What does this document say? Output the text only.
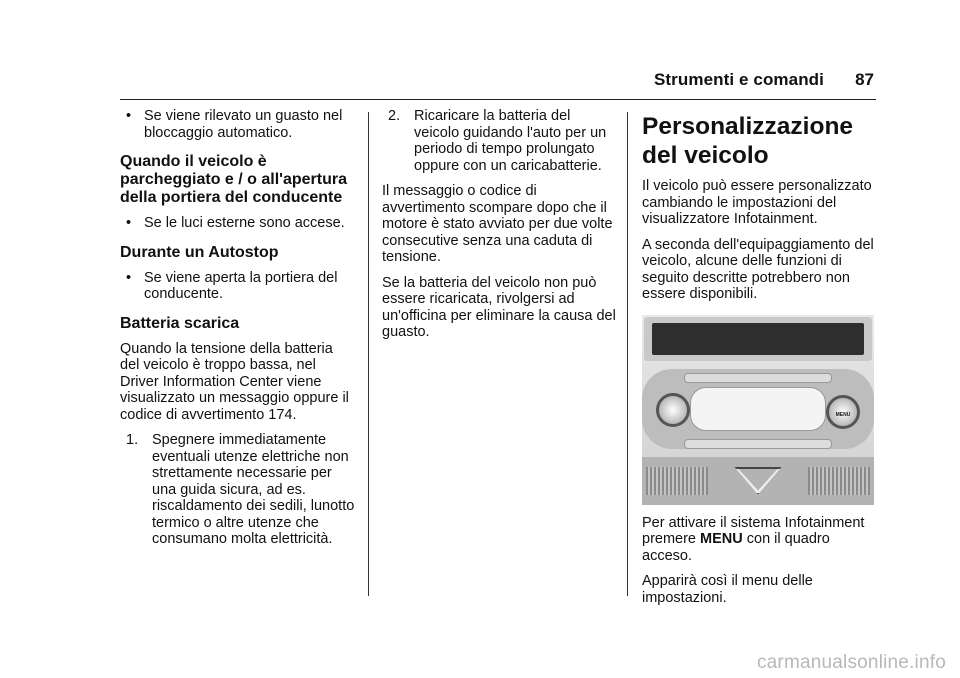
Strumenti e comandi 87
• Se viene rilevato un guasto nel bloccaggio automatico.
Quando il veicolo è parcheggiato e / o all'apertura della portiera del conducente
• Se le luci esterne sono accese.
Durante un Autostop
• Se viene aperta la portiera del conducente.
Batteria scarica

Quando la tensione della batteria del veicolo è troppo bassa, nel Driver Information Center viene visualizzato un messaggio oppure il codice di avvertimento 174.

1. Spegnere immediatamente eventuali utenze elettriche non strettamente necessarie per una guida sicura, ad es. riscaldamento dei sedili, lunotto termico o altre utenze che consumano molta elettricità.
2. Ricaricare la batteria del veicolo guidando l'auto per un periodo di tempo prolungato oppure con un caricabatterie.

Il messaggio o codice di avvertimento scompare dopo che il motore è stato avviato per due volte consecutive senza una caduta di tensione.

Se la batteria del veicolo non può essere ricaricata, rivolgersi ad un'officina per eliminare la causa del guasto.

Personalizzazione del veicolo

Il veicolo può essere personalizzato cambiando le impostazioni del visualizzatore Infotainment.

A seconda dell'equipaggiamento del veicolo, alcune delle funzioni di seguito descritte potrebbero non essere disponibili.

MENU

Per attivare il sistema Infotainment premere MENU con il quadro acceso.

Apparirà così il menu delle impostazioni.

carmanualsonline.info
